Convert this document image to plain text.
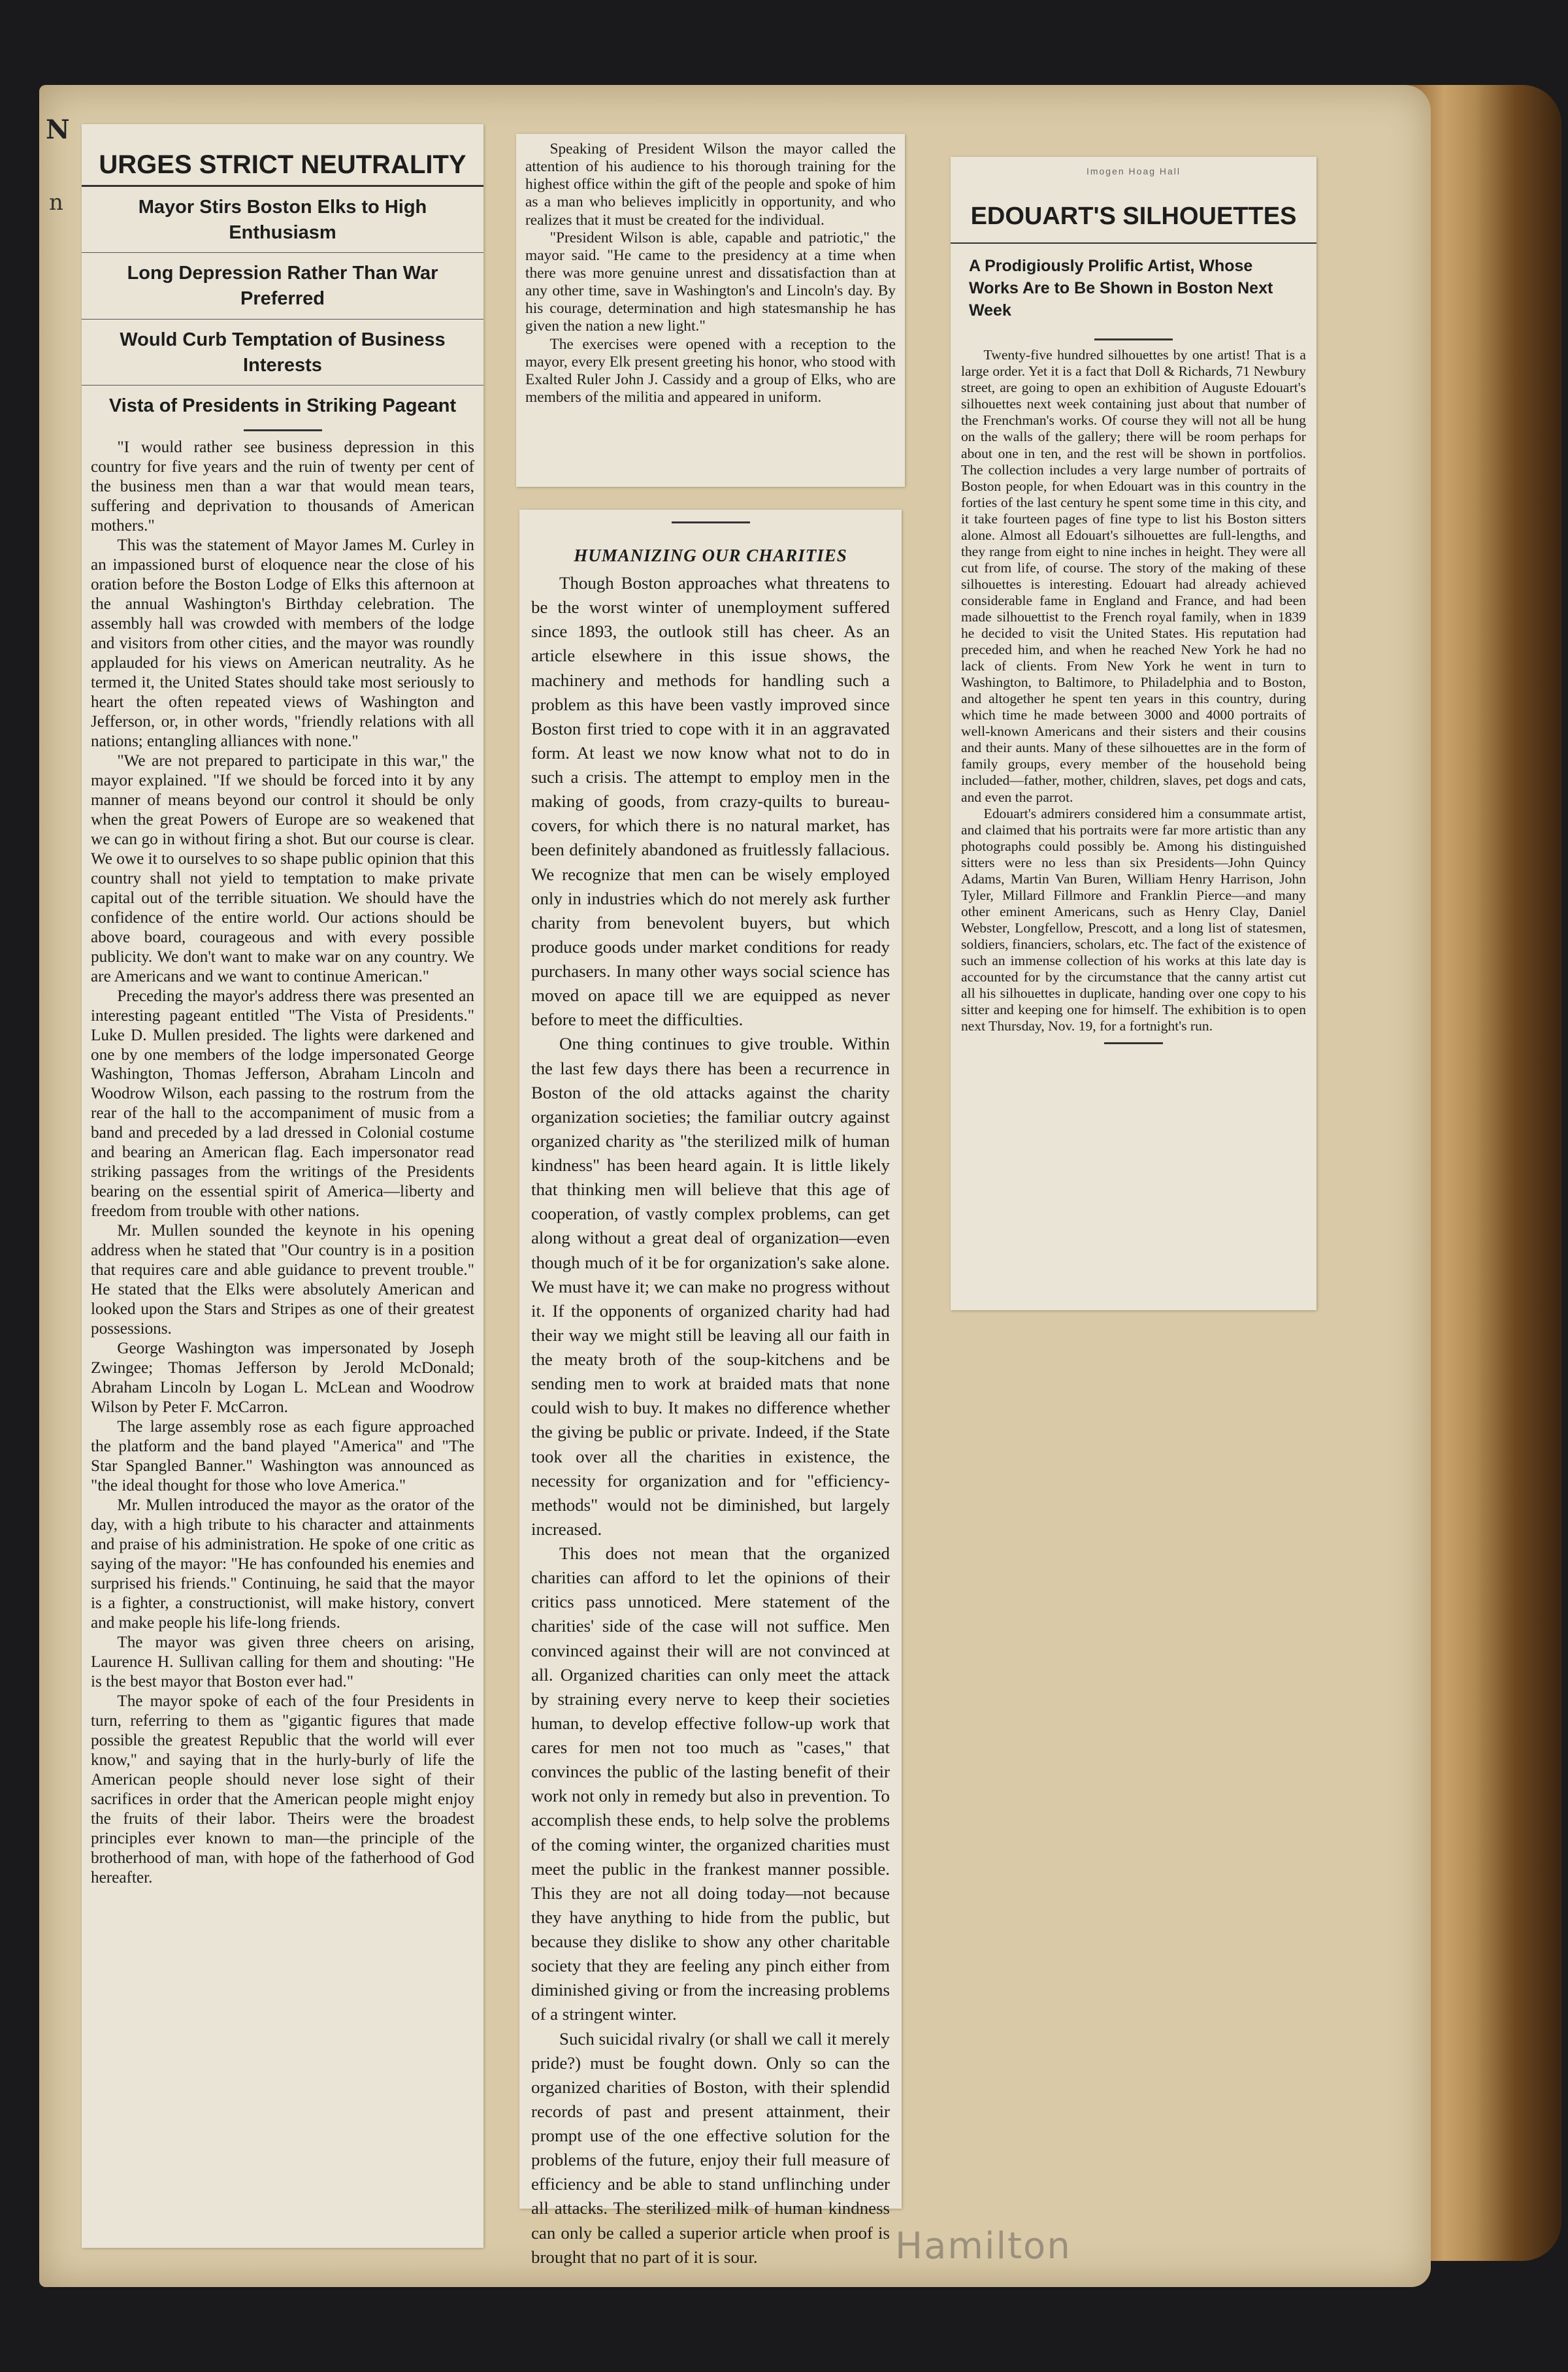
N
n
URGES STRICT NEUTRALITY
Mayor Stirs Boston Elks to High Enthusiasm
Long Depression Rather Than War Preferred
Would Curb Temptation of Business Interests
Vista of Presidents in Striking Pageant

"I would rather see business depression in this country for five years and the ruin of twenty per cent of the business men than a war that would mean tears, suffering and deprivation to thousands of American mothers."

This was the statement of Mayor James M. Curley in an impassioned burst of eloquence near the close of his oration before the Boston Lodge of Elks this afternoon at the annual Washington's Birthday celebration. The assembly hall was crowded with members of the lodge and visitors from other cities, and the mayor was roundly applauded for his views on American neutrality. As he termed it, the United States should take most seriously to heart the often repeated views of Washington and Jefferson, or, in other words, "friendly relations with all nations; entangling alliances with none."

"We are not prepared to participate in this war," the mayor explained. "If we should be forced into it by any manner of means beyond our control it should be only when the great Powers of Europe are so weakened that we can go in without firing a shot. But our course is clear. We owe it to ourselves to so shape public opinion that this country shall not yield to temptation to make private capital out of the terrible situation. We should have the confidence of the entire world. Our actions should be above board, courageous and with every possible publicity. We don't want to make war on any country. We are Americans and we want to continue American."

Preceding the mayor's address there was presented an interesting pageant entitled "The Vista of Presidents." Luke D. Mullen presided. The lights were darkened and one by one members of the lodge impersonated George Washington, Thomas Jefferson, Abraham Lincoln and Woodrow Wilson, each passing to the rostrum from the rear of the hall to the accompaniment of music from a band and preceded by a lad dressed in Colonial costume and bearing an American flag. Each impersonator read striking passages from the writings of the Presidents bearing on the essential spirit of America—liberty and freedom from trouble with other nations.

Mr. Mullen sounded the keynote in his opening address when he stated that "Our country is in a position that requires care and able guidance to prevent trouble." He stated that the Elks were absolutely American and looked upon the Stars and Stripes as one of their greatest possessions.

George Washington was impersonated by Joseph Zwingee; Thomas Jefferson by Jerold McDonald; Abraham Lincoln by Logan L. McLean and Woodrow Wilson by Peter F. McCarron.

The large assembly rose as each figure approached the platform and the band played "America" and "The Star Spangled Banner." Washington was announced as "the ideal thought for those who love America."

Mr. Mullen introduced the mayor as the orator of the day, with a high tribute to his character and attainments and praise of his administration. He spoke of one critic as saying of the mayor: "He has confounded his enemies and surprised his friends." Continuing, he said that the mayor is a fighter, a constructionist, will make history, convert and make people his life-long friends.

The mayor was given three cheers on arising, Laurence H. Sullivan calling for them and shouting: "He is the best mayor that Boston ever had."

The mayor spoke of each of the four Presidents in turn, referring to them as "gigantic figures that made possible the greatest Republic that the world will ever know," and saying that in the hurly-burly of life the American people should never lose sight of their sacrifices in order that the American people might enjoy the fruits of their labor. Theirs were the broadest principles ever known to man—the principle of the brotherhood of man, with hope of the fatherhood of God hereafter.

Speaking of President Wilson the mayor called the attention of his audience to his thorough training for the highest office within the gift of the people and spoke of him as a man who believes implicitly in opportunity, and who realizes that it must be created for the individual.

"President Wilson is able, capable and patriotic," the mayor said. "He came to the presidency at a time when there was more genuine unrest and dissatisfaction than at any other time, save in Washington's and Lincoln's day. By his courage, determination and high statesmanship he has given the nation a new light."

The exercises were opened with a reception to the mayor, every Elk present greeting his honor, who stood with Exalted Ruler John J. Cassidy and a group of Elks, who are members of the militia and appeared in uniform.

HUMANIZING OUR CHARITIES

Though Boston approaches what threatens to be the worst winter of unemployment suffered since 1893, the outlook still has cheer. As an article elsewhere in this issue shows, the machinery and methods for handling such a problem as this have been vastly improved since Boston first tried to cope with it in an aggravated form. At least we now know what not to do in such a crisis. The attempt to employ men in the making of goods, from crazy-quilts to bureau-covers, for which there is no natural market, has been definitely abandoned as fruitlessly fallacious. We recognize that men can be wisely employed only in industries which do not merely ask further charity from benevolent buyers, but which produce goods under market conditions for ready purchasers. In many other ways social science has moved on apace till we are equipped as never before to meet the difficulties.

One thing continues to give trouble. Within the last few days there has been a recurrence in Boston of the old attacks against the charity organization societies; the familiar outcry against organized charity as "the sterilized milk of human kindness" has been heard again. It is little likely that thinking men will believe that this age of cooperation, of vastly complex problems, can get along without a great deal of organization—even though much of it be for organization's sake alone. We must have it; we can make no progress without it. If the opponents of organized charity had had their way we might still be leaving all our faith in the meaty broth of the soup-kitchens and be sending men to work at braided mats that none could wish to buy. It makes no difference whether the giving be public or private. Indeed, if the State took over all the charities in existence, the necessity for organization and for "efficiency-methods" would not be diminished, but largely increased.

This does not mean that the organized charities can afford to let the opinions of their critics pass unnoticed. Mere statement of the charities' side of the case will not suffice. Men convinced against their will are not convinced at all. Organized charities can only meet the attack by straining every nerve to keep their societies human, to develop effective follow-up work that cares for men not too much as "cases," that convinces the public of the lasting benefit of their work not only in remedy but also in prevention. To accomplish these ends, to help solve the problems of the coming winter, the organized charities must meet the public in the frankest manner possible. This they are not all doing today—not because they have anything to hide from the public, but because they dislike to show any other charitable society that they are feeling any pinch either from diminished giving or from the increasing problems of a stringent winter.

Such suicidal rivalry (or shall we call it merely pride?) must be fought down. Only so can the organized charities of Boston, with their splendid records of past and present attainment, their prompt use of the one effective solution for the problems of the future, enjoy their full measure of efficiency and be able to stand unflinching under all attacks. The sterilized milk of human kindness can only be called a superior article when proof is brought that no part of it is sour.

Imogen Hoag Hall
EDOUART'S SILHOUETTES
A Prodigiously Prolific Artist, Whose Works Are to Be Shown in Boston Next Week

Twenty-five hundred silhouettes by one artist! That is a large order. Yet it is a fact that Doll & Richards, 71 Newbury street, are going to open an exhibition of Auguste Edouart's silhouettes next week containing just about that number of the Frenchman's works. Of course they will not all be hung on the walls of the gallery; there will be room perhaps for about one in ten, and the rest will be shown in portfolios. The collection includes a very large number of portraits of Boston people, for when Edouart was in this country in the forties of the last century he spent some time in this city, and it take fourteen pages of fine type to list his Boston sitters alone. Almost all Edouart's silhouettes are full-lengths, and they range from eight to nine inches in height. They were all cut from life, of course. The story of the making of these silhouettes is interesting. Edouart had already achieved considerable fame in England and France, and had been made silhouettist to the French royal family, when in 1839 he decided to visit the United States. His reputation had preceded him, and when he reached New York he had no lack of clients. From New York he went in turn to Washington, to Baltimore, to Philadelphia and to Boston, and altogether he spent ten years in this country, during which time he made between 3000 and 4000 portraits of well-known Americans and their sisters and their cousins and their aunts. Many of these silhouettes are in the form of family groups, every member of the household being included—father, mother, children, slaves, pet dogs and cats, and even the parrot.

Edouart's admirers considered him a consummate artist, and claimed that his portraits were far more artistic than any photographs could possibly be. Among his distinguished sitters were no less than six Presidents—John Quincy Adams, Martin Van Buren, William Henry Harrison, John Tyler, Millard Fillmore and Franklin Pierce—and many other eminent Americans, such as Henry Clay, Daniel Webster, Longfellow, Prescott, and a long list of statesmen, soldiers, financiers, scholars, etc. The fact of the existence of such an immense collection of his works at this late day is accounted for by the circumstance that the canny artist cut all his silhouettes in duplicate, handing over one copy to his sitter and keeping one for himself. The exhibition is to open next Thursday, Nov. 19, for a fortnight's run.

Hamilton
